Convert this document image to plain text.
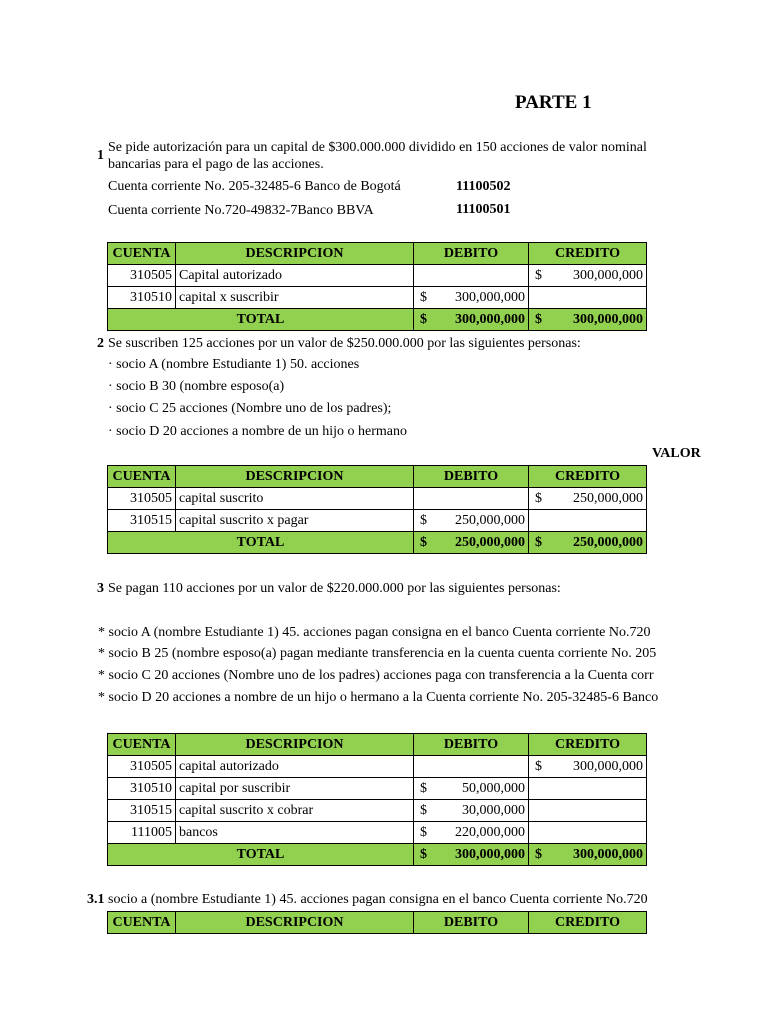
PARTE 1
1
Se pide autorización para un capital de $300.000.000 dividido en 150 acciones de valor nominal
bancarias para el pago de las acciones.
Cuenta corriente No. 205-32485-6 Banco de Bogotá	11100502
Cuenta corriente No.720-49832-7Banco BBVA	11100501
CUENTA	DESCRIPCION	DEBITO	CREDITO
310505	Capital autorizado		$ 300,000,000

310510	capital x suscribir	$ 300,000,000	

TOTAL		$ 300,000,000	$ 300,000,000
2 Se suscriben 125 acciones por un valor de $250.000.000 por las siguientes personas:
· socio A (nombre Estudiante 1) 50. acciones
· socio B 30 (nombre esposo(a)
· socio C 25 acciones (Nombre uno de los padres);
· socio D 20 acciones a nombre de un hijo o hermano
VALOR
CUENTA	DESCRIPCION	DEBITO	CREDITO
310505	capital suscrito		$ 250,000,000

310515	capital suscrito x pagar	$ 250,000,000	

TOTAL		$ 250,000,000	$ 250,000,000
3 Se pagan 110 acciones por un valor de $220.000.000 por las siguientes personas:
* socio A (nombre Estudiante 1) 45. acciones pagan consigna en el banco Cuenta corriente No.720
* socio B 25 (nombre esposo(a) pagan mediante transferencia en la cuenta cuenta corriente No. 205
* socio C 20 acciones (Nombre uno de los padres) acciones paga con transferencia a la Cuenta corr
* socio D 20 acciones a nombre de un hijo o hermano a la Cuenta corriente No. 205-32485-6 Banco
CUENTA	DESCRIPCION	DEBITO	CREDITO
310505	capital autorizado		$ 300,000,000

310510	capital por suscribir	$ 50,000,000	

310515	capital suscrito x cobrar	$ 30,000,000	

111005	bancos	$ 220,000,000	

TOTAL		$ 300,000,000	$ 300,000,000
3.1 socio a (nombre Estudiante 1) 45. acciones pagan consigna en el banco Cuenta corriente No.720
CUENTA	DESCRIPCION	DEBITO	CREDITO
